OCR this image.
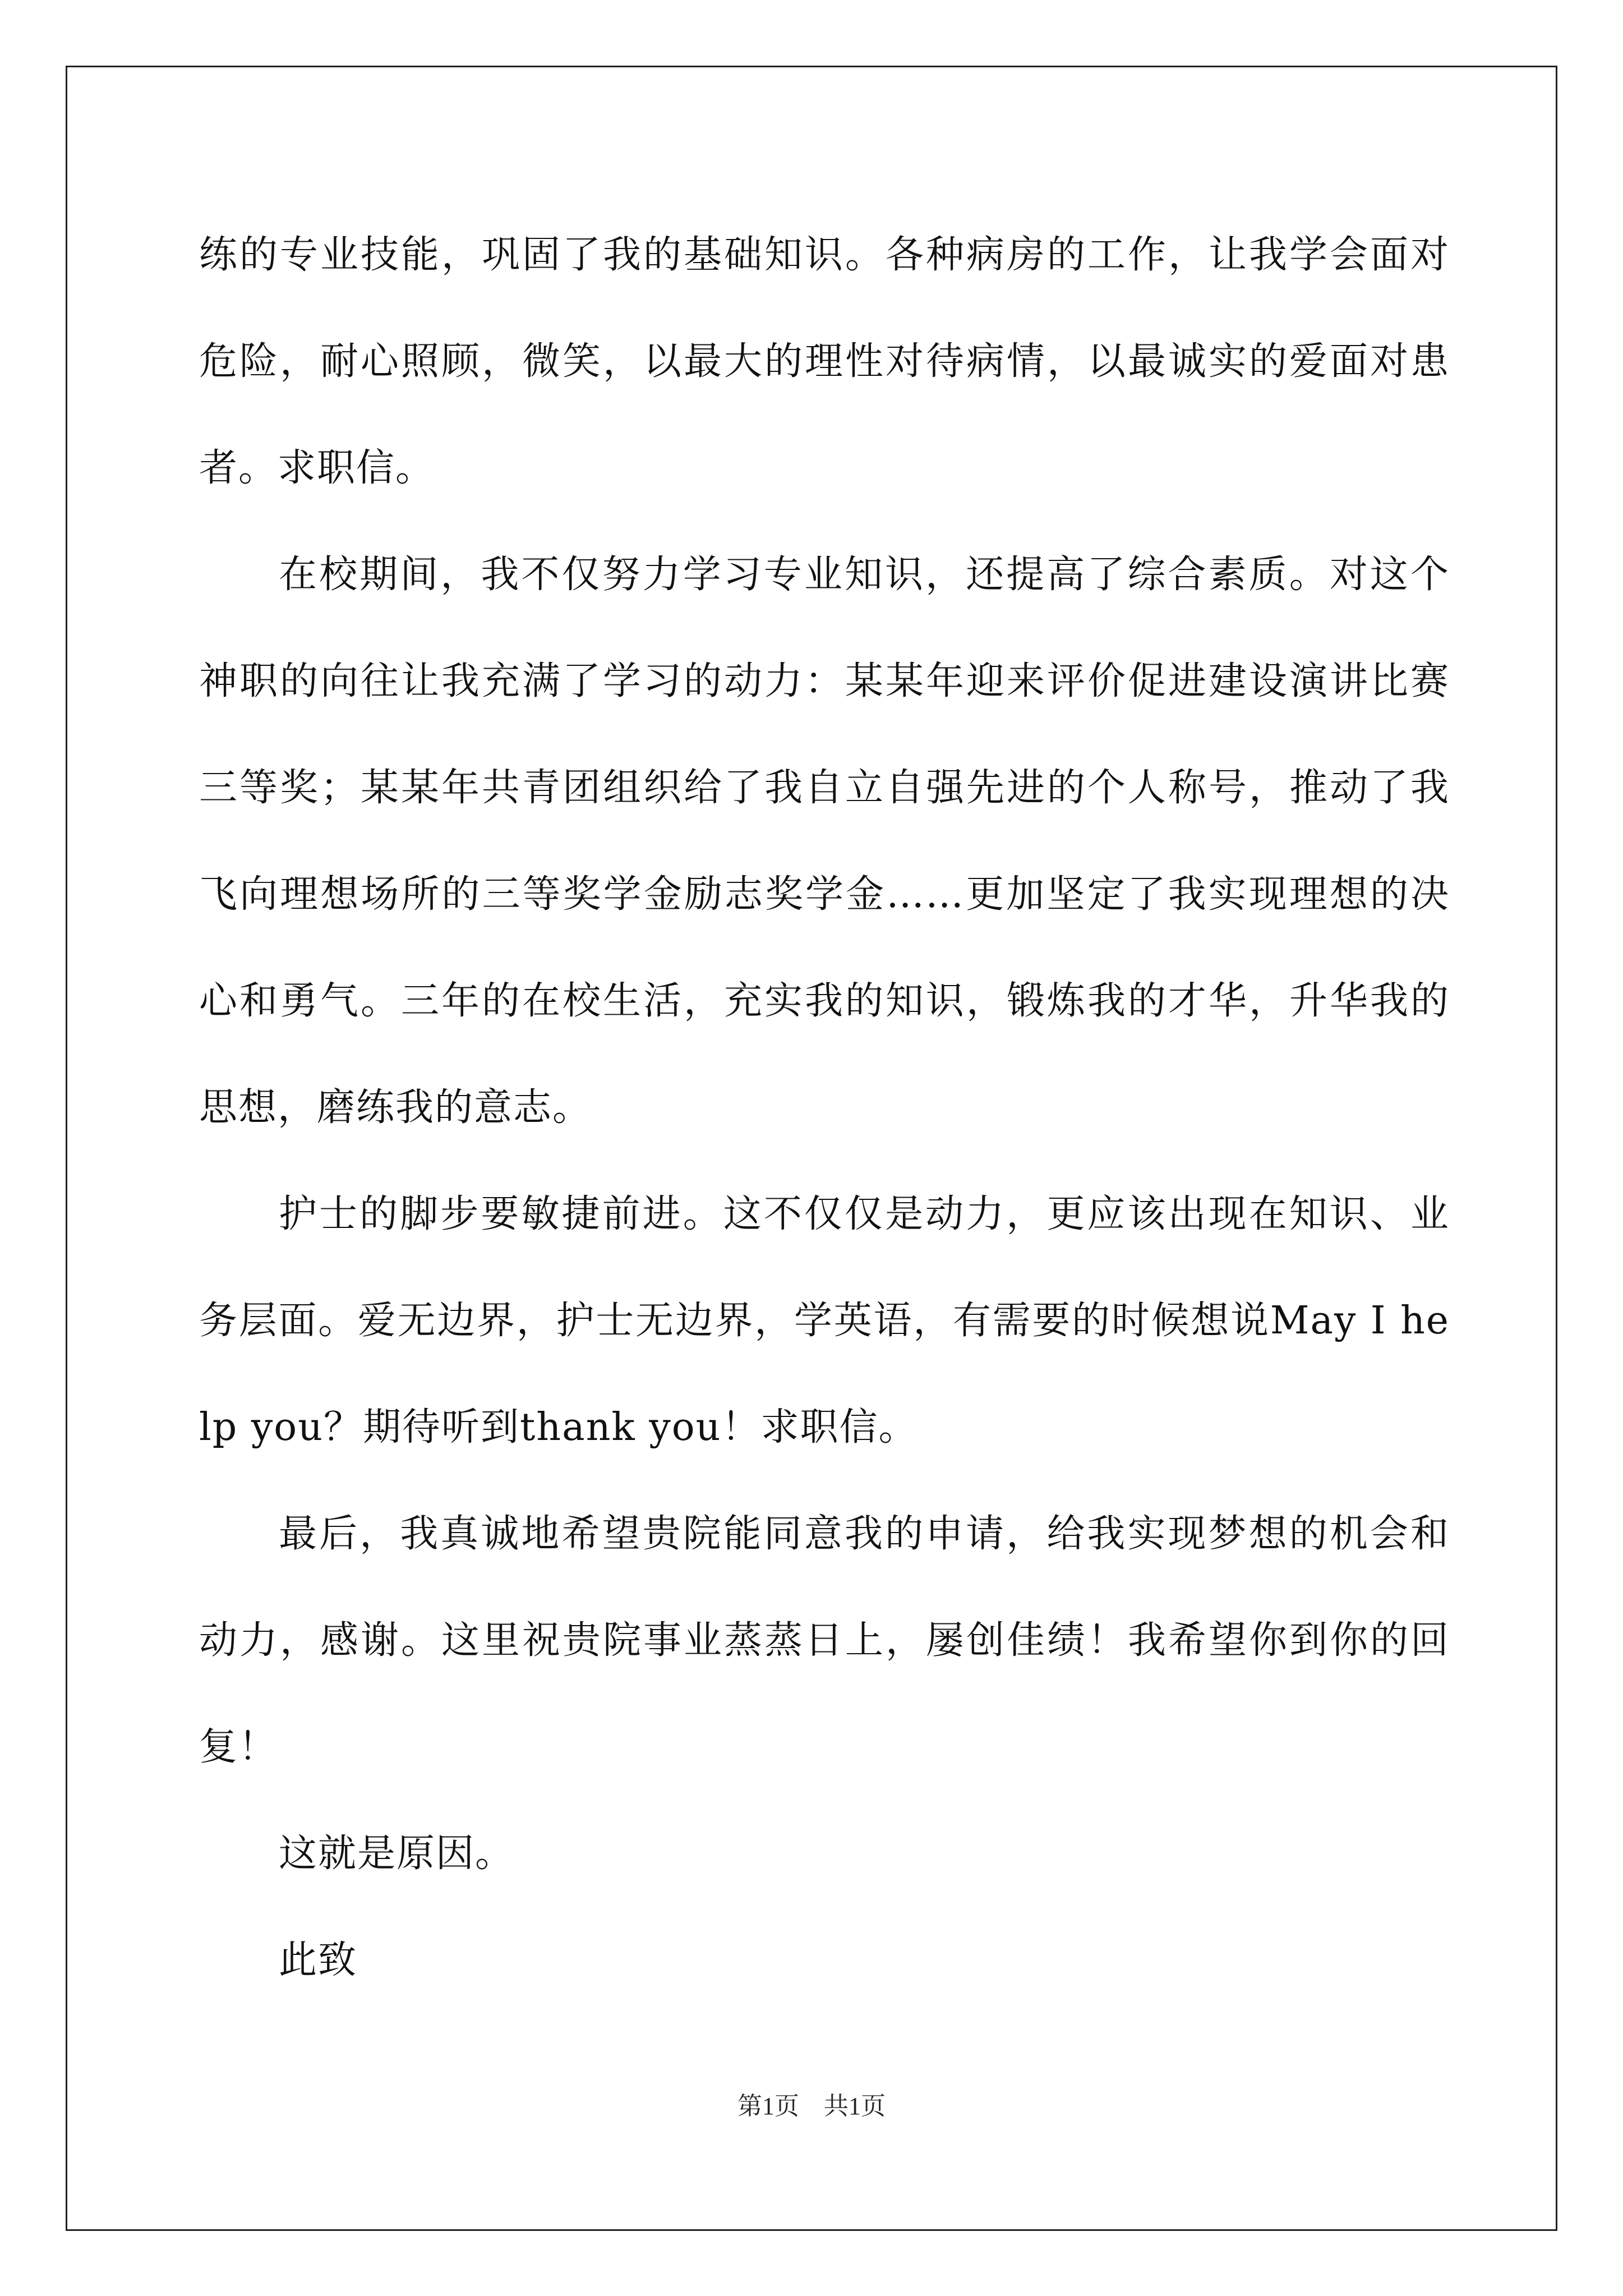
练的专业技能，巩固了我的基础知识。各种病房的工作，让我学会面对危险，耐心照顾，微笑，以最大的理性对待病情，以最诚实的爱面对患者。求职信。

在校期间，我不仅努力学习专业知识，还提高了综合素质。对这个神职的向往让我充满了学习的动力：某某年迎来评价促进建设演讲比赛三等奖；某某年共青团组织给了我自立自强先进的个人称号，推动了我飞向理想场所的三等奖学金励志奖学金……更加坚定了我实现理想的决心和勇气。三年的在校生活，充实我的知识，锻炼我的才华，升华我的思想，磨练我的意志。

护士的脚步要敏捷前进。这不仅仅是动力，更应该出现在知识、业务层面。爱无边界，护士无边界，学英语，有需要的时候想说May I help you？期待听到thank you！求职信。

最后，我真诚地希望贵院能同意我的申请，给我实现梦想的机会和动力，感谢。这里祝贵院事业蒸蒸日上，屡创佳绩！我希望你到你的回复！

这就是原因。

此致

第1页 共1页
